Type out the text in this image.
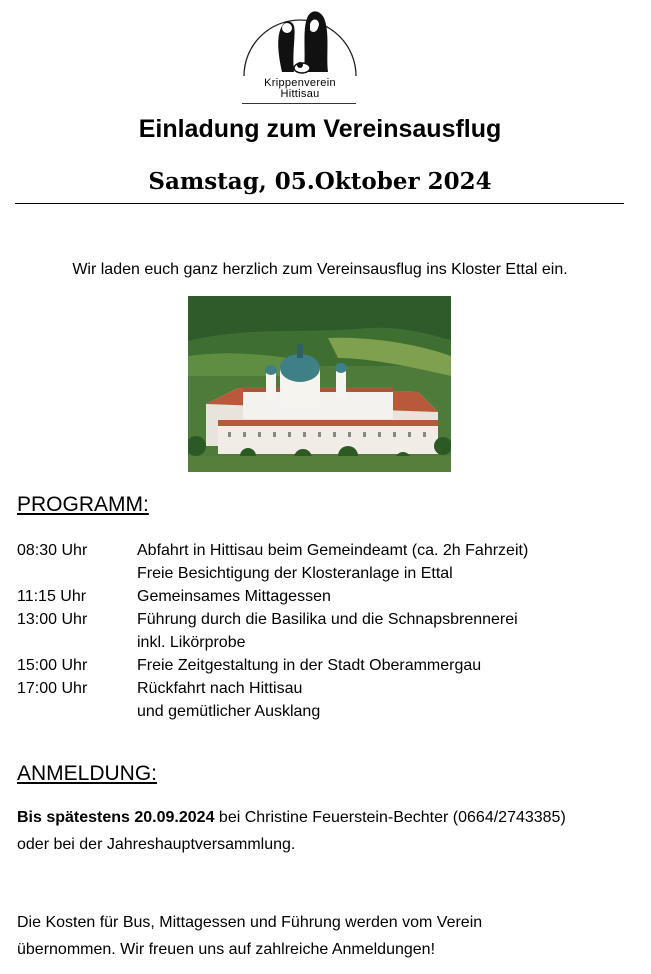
Krippenverein
Hittisau
Einladung zum Vereinsausflug
Samstag, 05.Oktober 2024
Wir laden euch ganz herzlich zum Vereinsausflug ins Kloster Ettal ein.
PROGRAMM:
08:30 Uhr	Abfahrt in Hittisau beim Gemeindeamt (ca. 2h Fahrzeit)
Freie Besichtigung der Klosteranlage in Ettal
11:15 Uhr	Gemeinsames Mittagessen
13:00 Uhr	Führung durch die Basilika und die Schnapsbrennerei
inkl. Likörprobe
15:00 Uhr	Freie Zeitgestaltung in der Stadt Oberammergau
17:00 Uhr	Rückfahrt nach Hittisau
und gemütlicher Ausklang
ANMELDUNG:
Bis spätestens 20.09.2024 bei Christine Feuerstein-Bechter (0664/2743385)
oder bei der Jahreshauptversammlung.
Die Kosten für Bus, Mittagessen und Führung werden vom Verein
übernommen. Wir freuen uns auf zahlreiche Anmeldungen!
